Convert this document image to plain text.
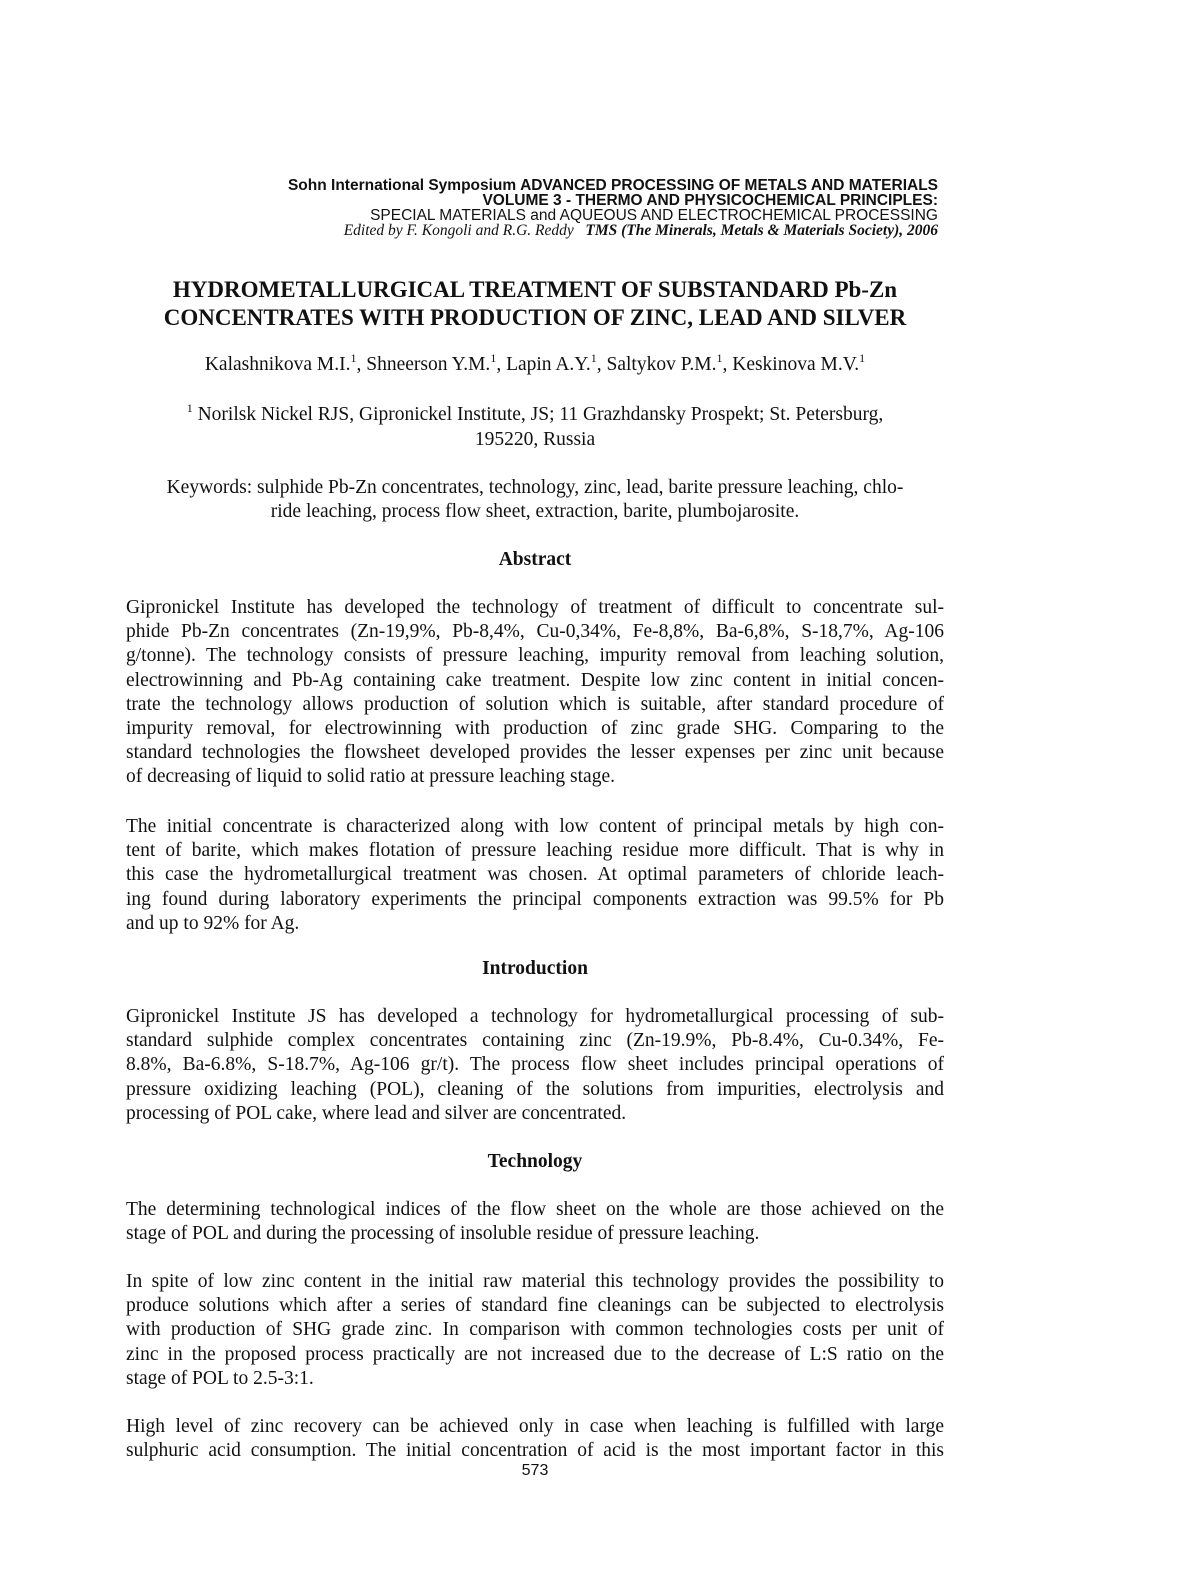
Sohn International Symposium ADVANCED PROCESSING OF METALS AND MATERIALS
VOLUME 3 - THERMO AND PHYSICOCHEMICAL PRINCIPLES:
SPECIAL MATERIALS and AQUEOUS AND ELECTROCHEMICAL PROCESSING
Edited by F. Kongoli and R.G. Reddy TMS (The Minerals, Metals & Materials Society), 2006
HYDROMETALLURGICAL TREATMENT OF SUBSTANDARD Pb-Zn
CONCENTRATES WITH PRODUCTION OF ZINC, LEAD AND SILVER
Kalashnikova M.I.$^1$, Shneerson Y.M.$^1$, Lapin A.Y.$^1$, Saltykov P.M.$^1$, Keskinova M.V.$^1$
$^1$ Norilsk Nickel RJS, Gipronickel Institute, JS; 11 Grazhdansky Prospekt; St. Petersburg,
195220, Russia
Keywords: sulphide Pb-Zn concentrates, technology, zinc, lead, barite pressure leaching, chlo-
ride leaching, process flow sheet, extraction, barite, plumbojarosite.
Abstract
Gipronickel Institute has developed the technology of treatment of difficult to concentrate sul-
phide Pb-Zn concentrates (Zn-19,9%, Pb-8,4%, Cu-0,34%, Fe-8,8%, Ba-6,8%, S-18,7%, Ag-106
g/tonne). The technology consists of pressure leaching, impurity removal from leaching solution,
electrowinning and Pb-Ag containing cake treatment. Despite low zinc content in initial concen-
trate the technology allows production of solution which is suitable, after standard procedure of
impurity removal, for electrowinning with production of zinc grade SHG. Comparing to the
standard technologies the flowsheet developed provides the lesser expenses per zinc unit because
of decreasing of liquid to solid ratio at pressure leaching stage.
The initial concentrate is characterized along with low content of principal metals by high con-
tent of barite, which makes flotation of pressure leaching residue more difficult. That is why in
this case the hydrometallurgical treatment was chosen. At optimal parameters of chloride leach-
ing found during laboratory experiments the principal components extraction was 99.5% for Pb
and up to 92% for Ag.
Introduction
Gipronickel Institute JS has developed a technology for hydrometallurgical processing of sub-
standard sulphide complex concentrates containing zinc (Zn-19.9%, Pb-8.4%, Cu-0.34%, Fe-
8.8%, Ba-6.8%, S-18.7%, Ag-106 gr/t). The process flow sheet includes principal operations of
pressure oxidizing leaching (POL), cleaning of the solutions from impurities, electrolysis and
processing of POL cake, where lead and silver are concentrated.
Technology
The determining technological indices of the flow sheet on the whole are those achieved on the
stage of POL and during the processing of insoluble residue of pressure leaching.
In spite of low zinc content in the initial raw material this technology provides the possibility to
produce solutions which after a series of standard fine cleanings can be subjected to electrolysis
with production of SHG grade zinc. In comparison with common technologies costs per unit of
zinc in the proposed process practically are not increased due to the decrease of L:S ratio on the
stage of POL to 2.5-3:1.
High level of zinc recovery can be achieved only in case when leaching is fulfilled with large
sulphuric acid consumption. The initial concentration of acid is the most important factor in this
573
